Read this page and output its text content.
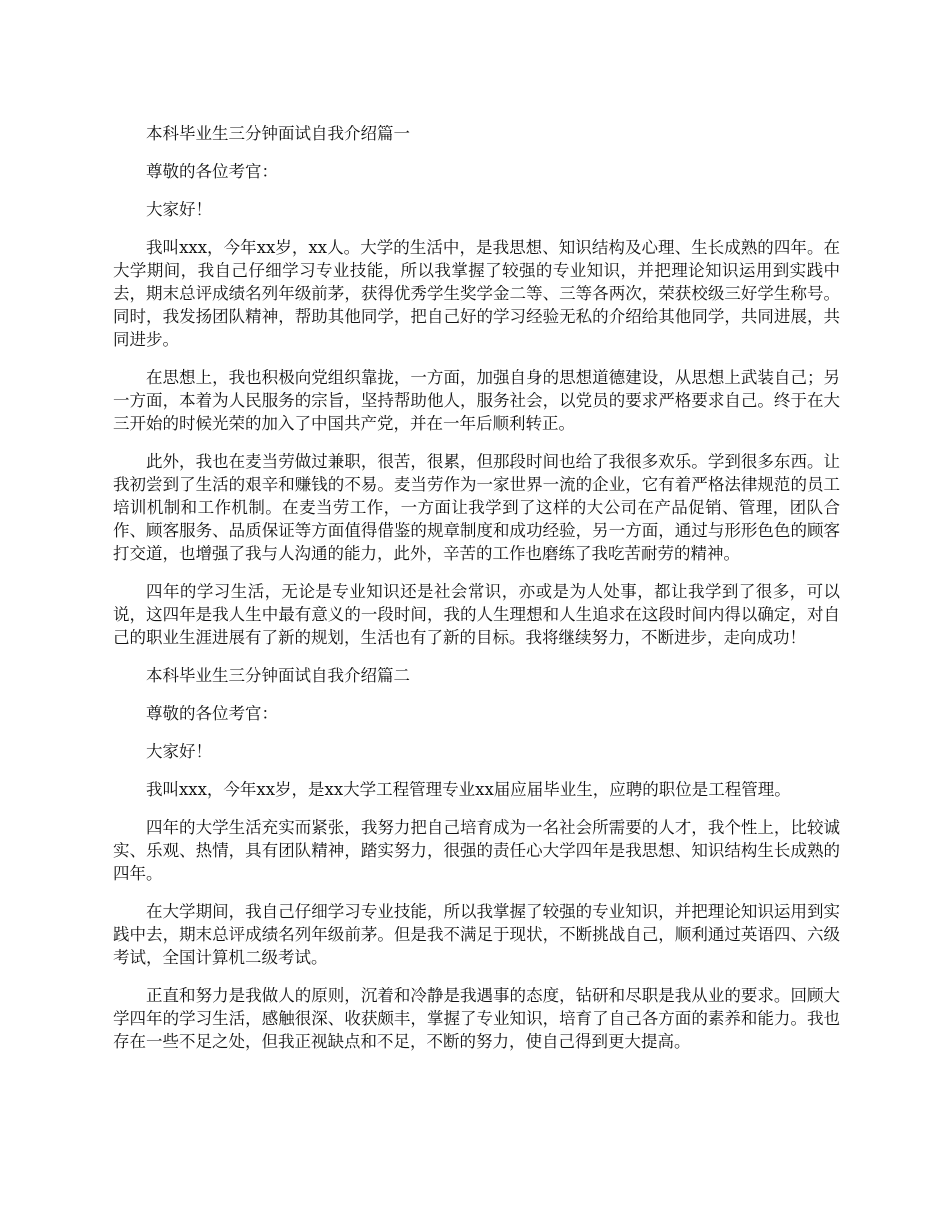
本科毕业生三分钟面试自我介绍篇一

尊敬的各位考官：

大家好！

我叫xxx，今年xx岁，xx人。大学的生活中，是我思想、知识结构及心理、生长成熟的四年。在大学期间，我自己仔细学习专业技能，所以我掌握了较强的专业知识，并把理论知识运用到实践中去，期末总评成绩名列年级前茅，获得优秀学生奖学金二等、三等各两次，荣获校级三好学生称号。同时，我发扬团队精神，帮助其他同学，把自己好的学习经验无私的介绍给其他同学，共同进展，共同进步。

在思想上，我也积极向党组织靠拢，一方面，加强自身的思想道德建设，从思想上武装自己；另一方面，本着为人民服务的宗旨，坚持帮助他人，服务社会，以党员的要求严格要求自己。终于在大三开始的时候光荣的加入了中国共产党，并在一年后顺利转正。

此外，我也在麦当劳做过兼职，很苦，很累，但那段时间也给了我很多欢乐。学到很多东西。让我初尝到了生活的艰辛和赚钱的不易。麦当劳作为一家世界一流的企业，它有着严格法律规范的员工培训机制和工作机制。在麦当劳工作，一方面让我学到了这样的大公司在产品促销、管理，团队合作、顾客服务、品质保证等方面值得借鉴的规章制度和成功经验，另一方面，通过与形形色色的顾客打交道，也增强了我与人沟通的能力，此外，辛苦的工作也磨练了我吃苦耐劳的精神。

四年的学习生活，无论是专业知识还是社会常识，亦或是为人处事，都让我学到了很多，可以说，这四年是我人生中最有意义的一段时间，我的人生理想和人生追求在这段时间内得以确定，对自己的职业生涯进展有了新的规划，生活也有了新的目标。我将继续努力，不断进步，走向成功！

本科毕业生三分钟面试自我介绍篇二

尊敬的各位考官：

大家好！

我叫xxx，今年xx岁，是xx大学工程管理专业xx届应届毕业生，应聘的职位是工程管理。

四年的大学生活充实而紧张，我努力把自己培育成为一名社会所需要的人才，我个性上，比较诚实、乐观、热情，具有团队精神，踏实努力，很强的责任心大学四年是我思想、知识结构生长成熟的四年。

在大学期间，我自己仔细学习专业技能，所以我掌握了较强的专业知识，并把理论知识运用到实践中去，期末总评成绩名列年级前茅。但是我不满足于现状，不断挑战自己，顺利通过英语四、六级考试，全国计算机二级考试。

正直和努力是我做人的原则，沉着和冷静是我遇事的态度，钻研和尽职是我从业的要求。回顾大学四年的学习生活，感触很深、收获颇丰，掌握了专业知识，培育了自己各方面的素养和能力。我也存在一些不足之处，但我正视缺点和不足，不断的努力，使自己得到更大提高。
